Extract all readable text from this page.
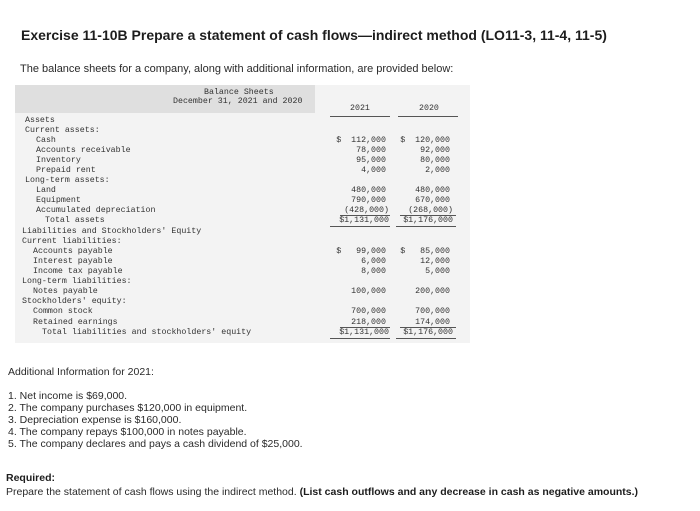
Exercise 11-10B Prepare a statement of cash flows—indirect method (LO11-3, 11-4, 11-5)
The balance sheets for a company, along with additional information, are provided below:
Balance Sheets
December 31, 2021 and 2020
2021	2020
Assets
Current assets:
Cash
Accounts receivable
Inventory
Prepaid rent
Long-term assets:
Land
Equipment
Accumulated depreciation
Total assets
Liabilities and Stockholders' Equity
Current liabilities:
Accounts payable
Interest payable
Income tax payable
Long-term liabilities:
Notes payable
Stockholders' equity:
Common stock
Retained earnings
Total liabilities and stockholders' equity
$  112,000
78,000
95,000
4,000
480,000
790,000
(428,000)
$1,131,000
$   99,000
6,000
8,000
100,000
700,000
218,000
$1,131,000
$  120,000
92,000
80,000
2,000
480,000
670,000
(268,000)
$1,176,000
$   85,000
12,000
5,000
200,000
700,000
174,000
$1,176,000
Additional Information for 2021:
1. Net income is $69,000.
2. The company purchases $120,000 in equipment.
3. Depreciation expense is $160,000.
4. The company repays $100,000 in notes payable.
5. The company declares and pays a cash dividend of $25,000.
Required:
Prepare the statement of cash flows using the indirect method. (List cash outflows and any decrease in cash as negative amounts.)
